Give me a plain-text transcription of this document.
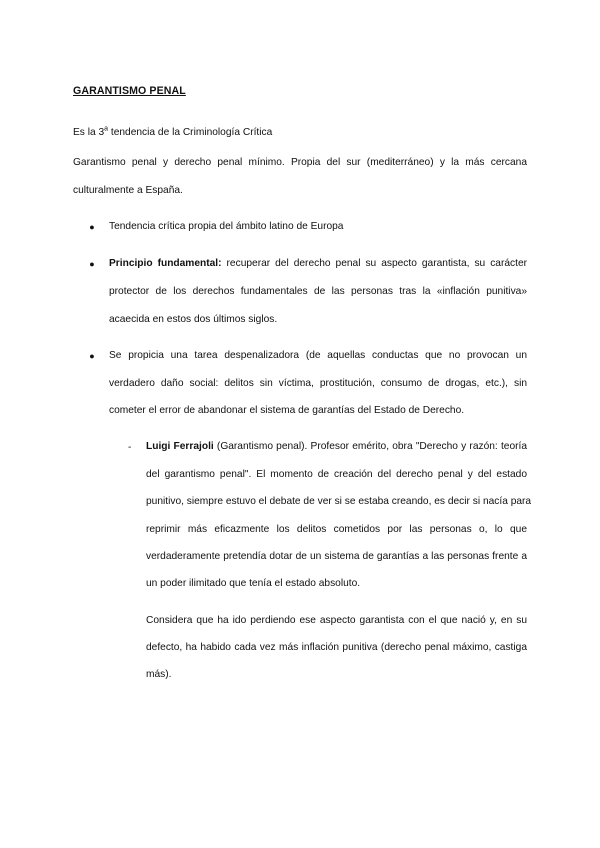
GARANTISMO PENAL
Es la 3$^a$ tendencia de la Criminología Crítica
Garantismo penal y derecho penal mínimo. Propia del sur (mediterráneo) y la más cercana
culturalmente a España.
● Tendencia crítica propia del ámbito latino de Europa
● Principio fundamental: recuperar del derecho penal su aspecto garantista, su carácter
protector de los derechos fundamentales de las personas tras la «inflación punitiva»
acaecida en estos dos últimos siglos.
● Se propicia una tarea despenalizadora (de aquellas conductas que no provocan un
verdadero daño social: delitos sin víctima, prostitución, consumo de drogas, etc.), sin
cometer el error de abandonar el sistema de garantías del Estado de Derecho.
- Luigi Ferrajoli (Garantismo penal). Profesor emérito, obra "Derecho y razón: teoría
del garantismo penal". El momento de creación del derecho penal y del estado
punitivo, siempre estuvo el debate de ver si se estaba creando, es decir si nacía para
reprimir más eficazmente los delitos cometidos por las personas o, lo que
verdaderamente pretendía dotar de un sistema de garantías a las personas frente a
un poder ilimitado que tenía el estado absoluto.
Considera que ha ido perdiendo ese aspecto garantista con el que nació y, en su
defecto, ha habido cada vez más inflación punitiva (derecho penal máximo, castiga
más).
